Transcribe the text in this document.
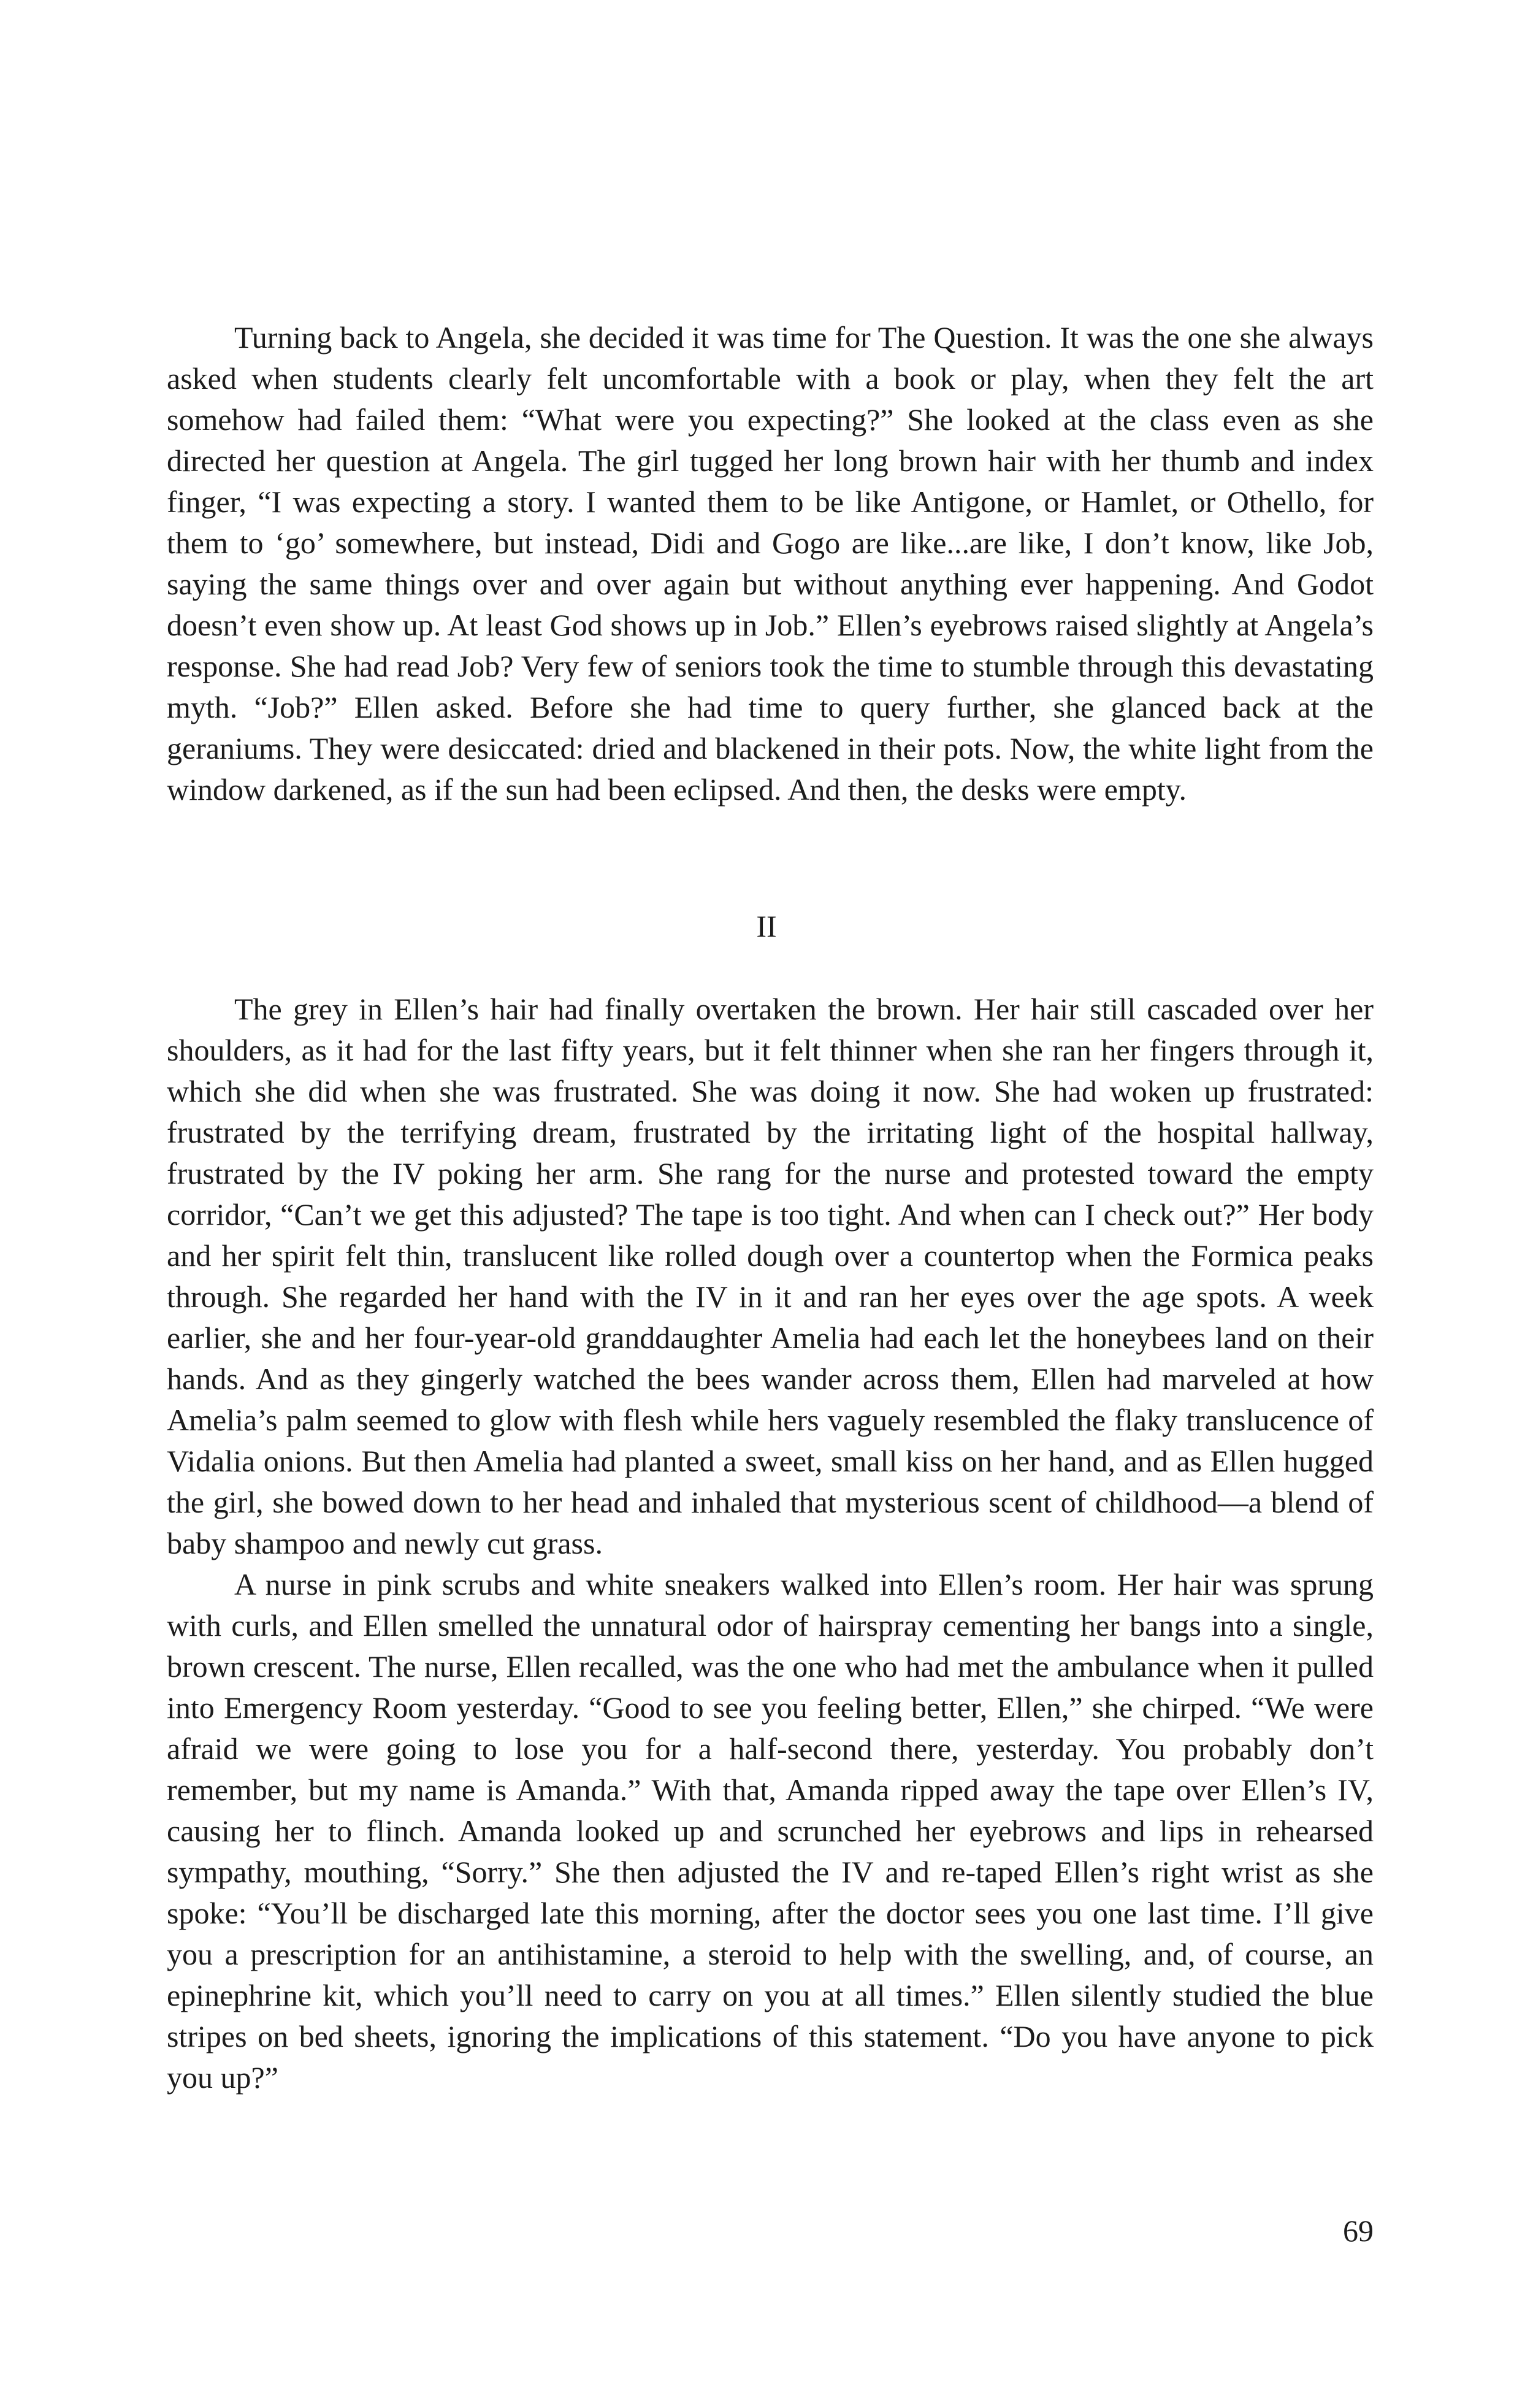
Turning back to Angela, she decided it was time for The Question. It was the one she always asked when students clearly felt uncomfortable with a book or play, when they felt the art somehow had failed them: “What were you expecting?” She looked at the class even as she directed her question at Angela. The girl tugged her long brown hair with her thumb and index finger, “I was expecting a story. I wanted them to be like Antigone, or Hamlet, or Othello, for them to ‘go’ somewhere, but instead, Didi and Gogo are like...are like, I don’t know, like Job, saying the same things over and over again but without anything ever happening. And Godot doesn’t even show up. At least God shows up in Job.” Ellen’s eyebrows raised slightly at Angela’s response. She had read Job? Very few of seniors took the time to stumble through this devastating myth. “Job?” Ellen asked. Before she had time to query further, she glanced back at the geraniums. They were desiccated: dried and blackened in their pots. Now, the white light from the window darkened, as if the sun had been eclipsed. And then, the desks were empty.

II

The grey in Ellen’s hair had finally overtaken the brown. Her hair still cascaded over her shoulders, as it had for the last fifty years, but it felt thinner when she ran her fingers through it, which she did when she was frustrated. She was doing it now. She had woken up frustrated: frustrated by the terrifying dream, frustrated by the irritating light of the hospital hallway, frustrated by the IV poking her arm. She rang for the nurse and protested toward the empty corridor, “Can’t we get this adjusted? The tape is too tight. And when can I check out?” Her body and her spirit felt thin, translucent like rolled dough over a countertop when the Formica peaks through. She regarded her hand with the IV in it and ran her eyes over the age spots. A week earlier, she and her four-year-old granddaughter Amelia had each let the honeybees land on their hands. And as they gingerly watched the bees wander across them, Ellen had marveled at how Amelia’s palm seemed to glow with flesh while hers vaguely resembled the flaky translucence of Vidalia onions. But then Amelia had planted a sweet, small kiss on her hand, and as Ellen hugged the girl, she bowed down to her head and inhaled that mysterious scent of childhood—a blend of baby shampoo and newly cut grass.

A nurse in pink scrubs and white sneakers walked into Ellen’s room. Her hair was sprung with curls, and Ellen smelled the unnatural odor of hairspray cementing her bangs into a single, brown crescent. The nurse, Ellen recalled, was the one who had met the ambulance when it pulled into Emergency Room yesterday. “Good to see you feeling better, Ellen,” she chirped. “We were afraid we were going to lose you for a half-second there, yesterday. You probably don’t remember, but my name is Amanda.” With that, Amanda ripped away the tape over Ellen’s IV, causing her to flinch. Amanda looked up and scrunched her eyebrows and lips in rehearsed sympathy, mouthing, “Sorry.” She then adjusted the IV and re-taped Ellen’s right wrist as she spoke: “You’ll be discharged late this morning, after the doctor sees you one last time. I’ll give you a prescription for an antihistamine, a steroid to help with the swelling, and, of course, an epinephrine kit, which you’ll need to carry on you at all times.” Ellen silently studied the blue stripes on bed sheets, ignoring the implications of this statement. “Do you have anyone to pick you up?”

69
